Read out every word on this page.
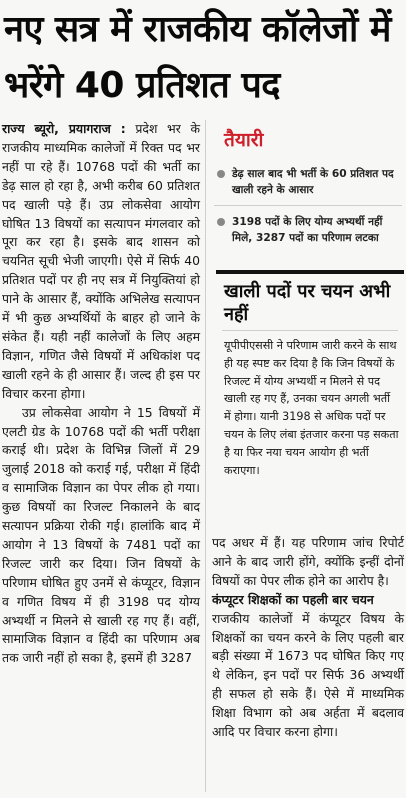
नए सत्र में राजकीय कॉलेजों में भरेंगे 40 प्रतिशत पद

राज्य ब्यूरो, प्रयागराज : प्रदेश भर के राजकीय माध्यमिक कालेजों में रिक्त पद भर नहीं पा रहे हैं। 10768 पदों की भर्ती का डेढ़ साल हो रहा है, अभी करीब 60 प्रतिशत पद खाली पड़े हैं। उप्र लोकसेवा आयोग घोषित 13 विषयों का सत्यापन मंगलवार को पूरा कर रहा है। इसके बाद शासन को चयनित सूची भेजी जाएगी। ऐसे में सिर्फ 40 प्रतिशत पदों पर ही नए सत्र में नियुक्तियां हो पाने के आसार हैं, क्योंकि अभिलेख सत्यापन में भी कुछ अभ्यर्थियों के बाहर हो जाने के संकेत हैं। यही नहीं कालेजों के लिए अहम विज्ञान, गणित जैसे विषयों में अधिकांश पद खाली रहने के ही आसार हैं। जल्द ही इस पर विचार करना होगा।

उप्र लोकसेवा आयोग ने 15 विषयों में एलटी ग्रेड के 10768 पदों की भर्ती परीक्षा कराई थी। प्रदेश के विभिन्न जिलों में 29 जुलाई 2018 को कराई गई, परीक्षा में हिंदी व सामाजिक विज्ञान का पेपर लीक हो गया। कुछ विषयों का रिजल्ट निकालने के बाद सत्यापन प्रक्रिया रोकी गई। हालांकि बाद में आयोग ने 13 विषयों के 7481 पदों का रिजल्ट जारी कर दिया। जिन विषयों के परिणाम घोषित हुए उनमें से कंप्यूटर, विज्ञान व गणित विषय में ही 3198 पद योग्य अभ्यर्थी न मिलने से खाली रह गए हैं। वहीं, सामाजिक विज्ञान व हिंदी का परिणाम अब तक जारी नहीं हो सका है, इसमें ही 3287

तैयारी
डेढ़ साल बाद भी भर्ती के 60 प्रतिशत पद खाली रहने के आसार
3198 पदों के लिए योग्य अभ्यर्थी नहीं मिले, 3287 पदों का परिणाम लटका
खाली पदों पर चयन अभी नहीं
यूपीपीएससी ने परिणाम जारी करने के साथ ही यह स्पष्ट कर दिया है कि जिन विषयों के रिजल्ट में योग्य अभ्यर्थी न मिलने से पद खाली रह गए हैं, उनका चयन अगली भर्ती में होगा। यानी 3198 से अधिक पदों पर चयन के लिए लंबा इंतजार करना पड़ सकता है या फिर नया चयन आयोग ही भर्ती कराएगा।

पद अधर में हैं। यह परिणाम जांच रिपोर्ट आने के बाद जारी होंगे, क्योंकि इन्हीं दोनों विषयों का पेपर लीक होने का आरोप है।

कंप्यूटर शिक्षकों का पहली बार चयन

राजकीय कालेजों में कंप्यूटर विषय के शिक्षकों का चयन करने के लिए पहली बार बड़ी संख्या में 1673 पद घोषित किए गए थे लेकिन, इन पदों पर सिर्फ 36 अभ्यर्थी ही सफल हो सके हैं। ऐसे में माध्यमिक शिक्षा विभाग को अब अर्हता में बदलाव आदि पर विचार करना होगा।
